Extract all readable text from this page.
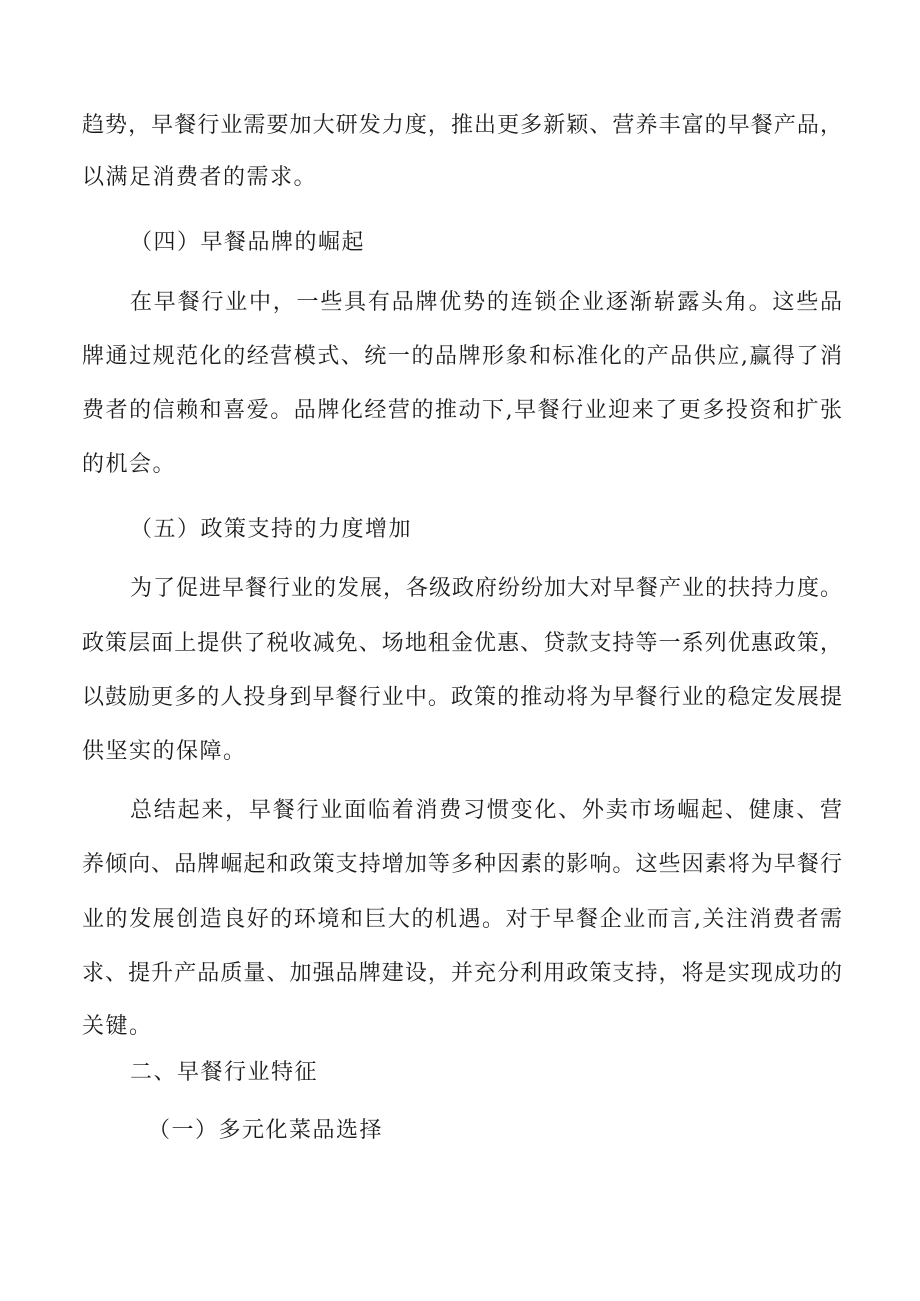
趋势，早餐行业需要加大研发力度，推出更多新颖、营养丰富的早餐产品，
以满足消费者的需求。
（四）早餐品牌的崛起
在早餐行业中，一些具有品牌优势的连锁企业逐渐崭露头角。这些品
牌通过规范化的经营模式、统一的品牌形象和标准化的产品供应,赢得了消
费者的信赖和喜爱。品牌化经营的推动下,早餐行业迎来了更多投资和扩张
的机会。
（五）政策支持的力度增加
为了促进早餐行业的发展，各级政府纷纷加大对早餐产业的扶持力度。
政策层面上提供了税收减免、场地租金优惠、贷款支持等一系列优惠政策，
以鼓励更多的人投身到早餐行业中。政策的推动将为早餐行业的稳定发展提
供坚实的保障。
总结起来，早餐行业面临着消费习惯变化、外卖市场崛起、健康、营
养倾向、品牌崛起和政策支持增加等多种因素的影响。这些因素将为早餐行
业的发展创造良好的环境和巨大的机遇。对于早餐企业而言,关注消费者需
求、提升产品质量、加强品牌建设，并充分利用政策支持，将是实现成功的
关键。
二、早餐行业特征
（一）多元化菜品选择
